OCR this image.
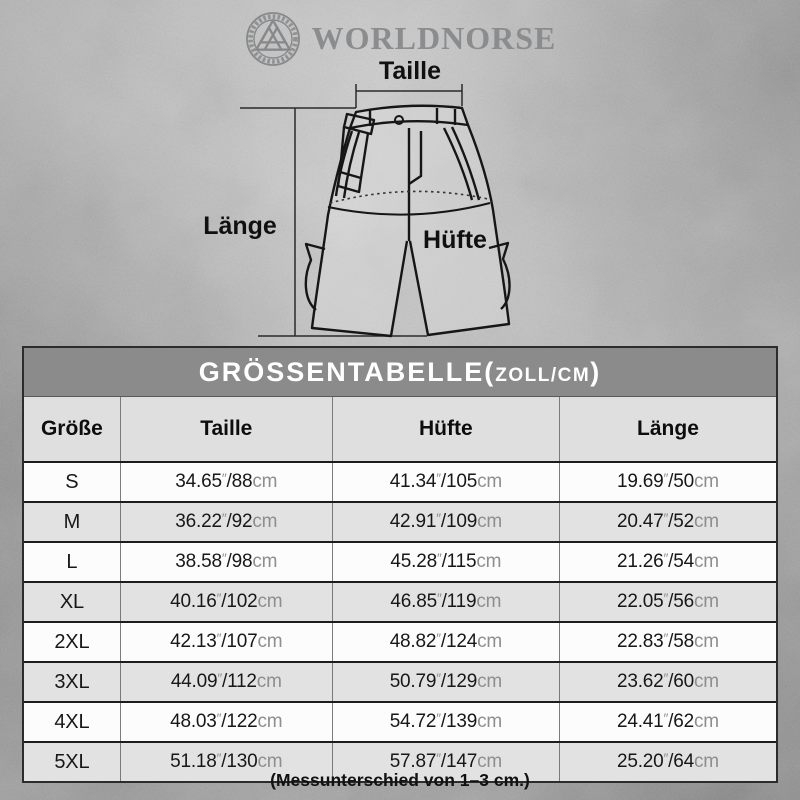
WORLDNORSE
Taille
Länge	Hüfte
GRÖSSENTABELLE(ZOLL/CM)
Größe	Taille	Hüfte	Länge
S	34.65″/88cm	41.34″/105cm	19.69″/50cm
M	36.22″/92cm	42.91″/109cm	20.47″/52cm
L	38.58″/98cm	45.28″/115cm	21.26″/54cm
XL	40.16″/102cm	46.85″/119cm	22.05″/56cm
2XL	42.13″/107cm	48.82″/124cm	22.83″/58cm
3XL	44.09″/112cm	50.79″/129cm	23.62″/60cm
4XL	48.03″/122cm	54.72″/139cm	24.41″/62cm
5XL	51.18″/130cm	57.87″/147cm	25.20″/64cm
(Messunterschied von 1–3 cm.)
